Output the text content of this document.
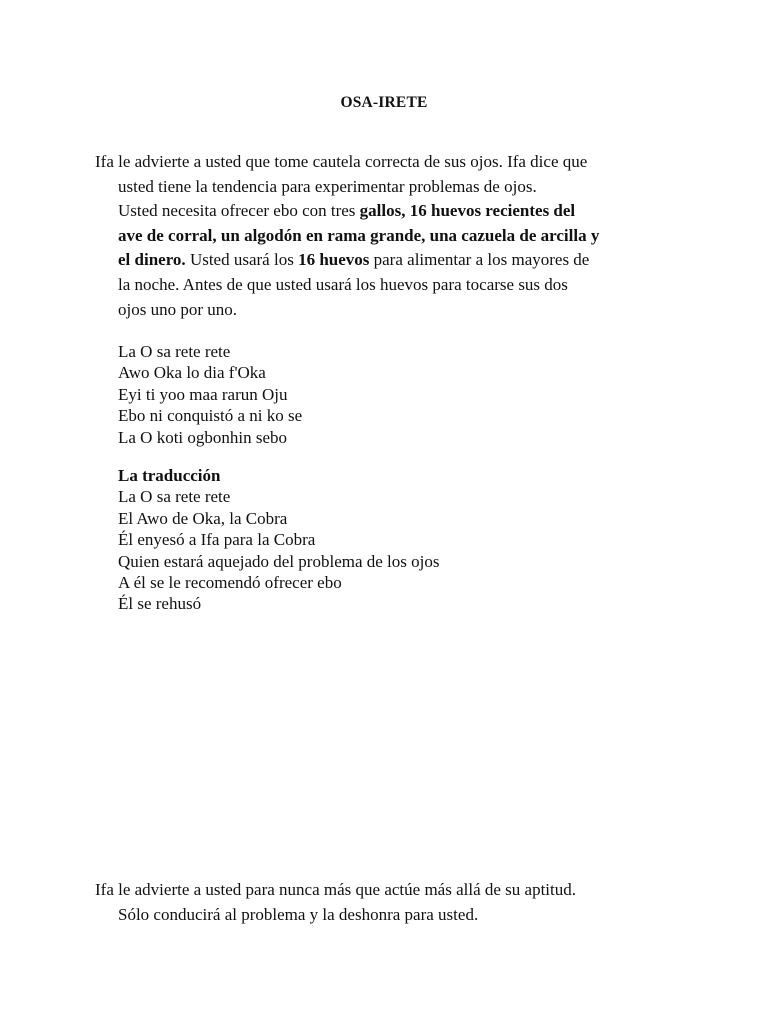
OSA-IRETE
Ifa le advierte a usted que tome cautela correcta de sus ojos. Ifa dice que
usted tiene la tendencia para experimentar problemas de ojos.
Usted necesita ofrecer ebo con tres gallos, 16 huevos recientes del
ave de corral, un algodón en rama grande, una cazuela de arcilla y
el dinero. Usted usará los 16 huevos para alimentar a los mayores de
la noche. Antes de que usted usará los huevos para tocarse sus dos
ojos uno por uno.
La O sa rete rete
Awo Oka lo dia f'Oka
Eyi ti yoo maa rarun Oju
Ebo ni conquistó a ni ko se
La O koti ogbonhin sebo
La traducción
La O sa rete rete
El Awo de Oka, la Cobra
Él enyesó a Ifa para la Cobra
Quien estará aquejado del problema de los ojos
A él se le recomendó ofrecer ebo
Él se rehusó
Ifa le advierte a usted para nunca más que actúe más allá de su aptitud.
Sólo conducirá al problema y la deshonra para usted.
